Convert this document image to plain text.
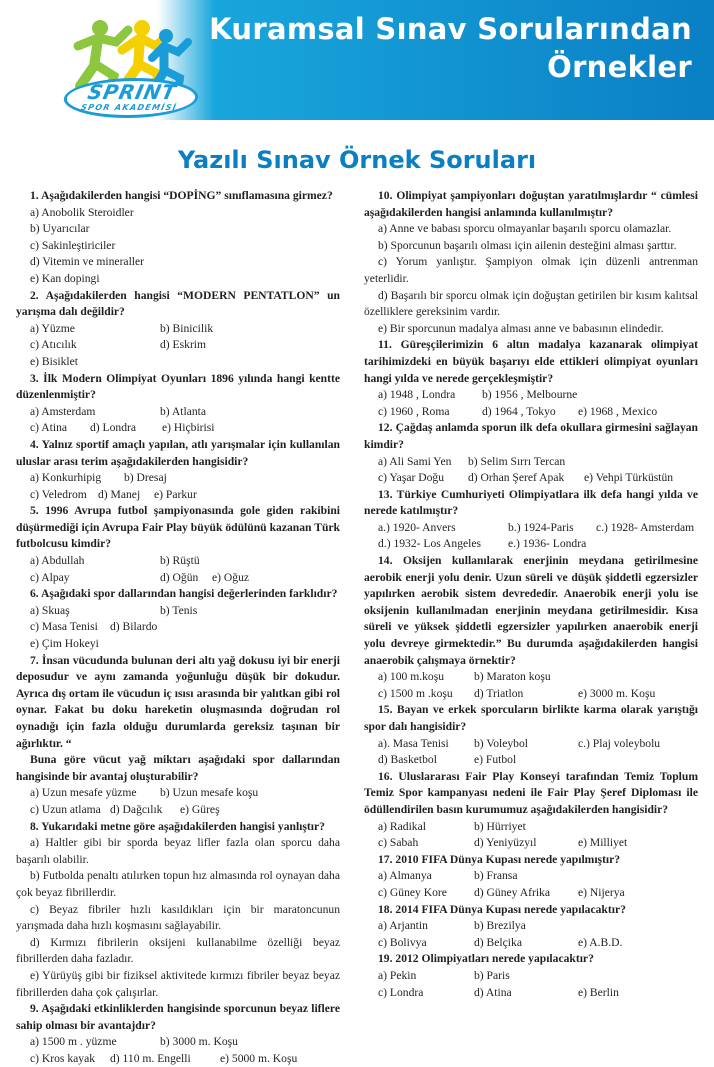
Kuramsal Sınav Sorularından
Örnekler
SPRINT
SPOR AKADEMİSİ
Yazılı Sınav Örnek Soruları

1. Aşağıdakilerden hangisi “DOPİNG” sınıflamasına girmez?

a) Anobolik Steroidler

b) Uyarıcılar

c) Sakinleştiriciler

d) Vitemin ve mineraller

e) Kan dopingi

2. Aşağıdakilerden hangisi “MODERN PENTATLON” un yarışma dalı değildir?

a) Yüzme	b) Binicilik
c) Atıcılık	d) Eskrim

e) Bisiklet

3. İlk Modern Olimpiyat Oyunları 1896 yılında hangi kentte düzenlenmiştir?

a) Amsterdam	b) Atlanta
c) Atina	d) Londra	e) Hiçbirisi

4. Yalnız sportif amaçlı yapılan, atlı yarışmalar için kullanılan uluslar arası terim aşağıdakilerden hangisidir?

a) Konkurhipig	b) Dresaj
c) Veledrom d) Manej	e) Parkur

5. 1996 Avrupa futbol şampiyonasında gole giden rakibini düşürmediği için Avrupa Fair Play büyük ödülünü kazanan Türk futbolcusu kimdir?

a) Abdullah	b) Rüştü
c) Alpay	d) Oğün	e) Oğuz

6. Aşağıdaki spor dallarından hangisi değerlerinden farklıdır?

a) Skuaş	b) Tenis
c) Masa Tenisi	d) Bilardo

e) Çim Hokeyi

7. İnsan vücudunda bulunan deri altı yağ dokusu iyi bir enerji deposudur ve aynı zamanda yoğunluğu düşük bir dokudur. Ayrıca dış ortam ile vücudun iç ısısı arasında bir yalıtkan gibi rol oynar. Fakat bu doku hareketin oluşmasında doğrudan rol oynadığı için fazla olduğu durumlarda gereksiz taşınan bir ağırlıktır. “

Buna göre vücut yağ miktarı aşağıdaki spor dallarından hangisinde bir avantaj oluşturabilir?

a) Uzun mesafe yüzme	b) Uzun mesafe koşu
c) Uzun atlama d) Dağcılık	e) Güreş

8. Yukarıdaki metne göre aşağıdakilerden hangisi yanlıştır?

a) Haltler gibi bir sporda beyaz lifler fazla olan sporcu daha başarılı olabilir.

b) Futbolda penaltı atılırken topun hız almasında rol oynayan daha çok beyaz fibrillerdir.

c) Beyaz fibriler hızlı kasıldıkları için bir maratoncunun yarışmada daha hızlı koşmasını sağlayabilir.

d) Kırmızı fibrilerin oksijeni kullanabilme özelliği beyaz fibrillerden daha fazladır.

e) Yürüyüş gibi bir fiziksel aktivitede kırmızı fibriler beyaz beyaz fibrillerden daha çok çalışırlar.

9. Aşağıdaki etkinliklerden hangisinde sporcunun beyaz liflere sahip olması bir avantajdır?

a) 1500 m . yüzme	b) 3000 m. Koşu
c) Kros kayak	d) 110 m. Engelli	e) 5000 m. Koşu

10. Olimpiyat şampiyonları doğuştan yaratılmışlardır “ cümlesi aşağıdakilerden hangisi anlamında kullanılmıştır?

a) Anne ve babası sporcu olmayanlar başarılı sporcu olamazlar.

b) Sporcunun başarılı olması için ailenin desteğini alması şarttır.

c) Yorum yanlıştır. Şampiyon olmak için düzenli antrenman yeterlidir.

d) Başarılı bir sporcu olmak için doğuştan getirilen bir kısım kalıtsal özelliklere gereksinim vardır.

e) Bir sporcunun madalya alması anne ve babasının elindedir.

11. Güreşçilerimizin 6 altın madalya kazanarak olimpiyat tarihimizdeki en büyük başarıyı elde ettikleri olimpiyat oyunları hangi yılda ve nerede gerçekleşmiştir?

a) 1948 , Londra	b) 1956 , Melbourne
c) 1960 , Roma	d) 1964 , Tokyo	e) 1968 , Mexico

12. Çağdaş anlamda sporun ilk defa okullara girmesini sağlayan kimdir?

a) Ali Sami Yen	b) Selim Sırrı Tercan
c) Yaşar Doğu	d) Orhan Şeref Apak	e) Vehpi Türküstün

13. Türkiye Cumhuriyeti Olimpiyatlara ilk defa hangi yılda ve nerede katılmıştır?

a.) 1920- Anvers	b.) 1924-Paris	c.) 1928- Amsterdam
d.) 1932- Los Angeles	e.) 1936- Londra

14. Oksijen kullanılarak enerjinin meydana getirilmesine aerobik enerji yolu denir. Uzun süreli ve düşük şiddetli egzersizler yapılırken aerobik sistem devrededir. Anaerobik enerji yolu ise oksijenin kullanılmadan enerjinin meydana getirilmesidir. Kısa süreli ve yüksek şiddetli egzersizler yapılırken anaerobik enerji yolu devreye girmektedir.” Bu durumda aşağıdakilerden hangisi anaerobik çalışmaya örnektir?

a) 100 m.koşu	b) Maraton koşu
c) 1500 m .koşu	d) Triatlon	e) 3000 m. Koşu

15. Bayan ve erkek sporcuların birlikte karma olarak yarıştığı spor dalı hangisidir?

a). Masa Tenisi	b) Voleybol	c.) Plaj voleybolu
d) Basketbol	e) Futbol

16. Uluslararası Fair Play Konseyi tarafından Temiz Toplum Temiz Spor kampanyası nedeni ile Fair Play Şeref Diploması ile ödüllendirilen basın kurumumuz aşağıdakilerden hangisidir?

a) Radikal	b) Hürriyet
c) Sabah	d) Yeniyüzyıl	e) Milliyet

17. 2010 FIFA Dünya Kupası nerede yapılmıştır?

a) Almanya	b) Fransa
c) Güney Kore	d) Güney Afrika	e) Nijerya

18. 2014 FIFA Dünya Kupası nerede yapılacaktır?

a) Arjantin	b) Brezilya
c) Bolivya	d) Belçika	e) A.B.D.

19. 2012 Olimpiyatları nerede yapılacaktır?

a) Pekin	b) Paris
c) Londra	d) Atina	e) Berlin
